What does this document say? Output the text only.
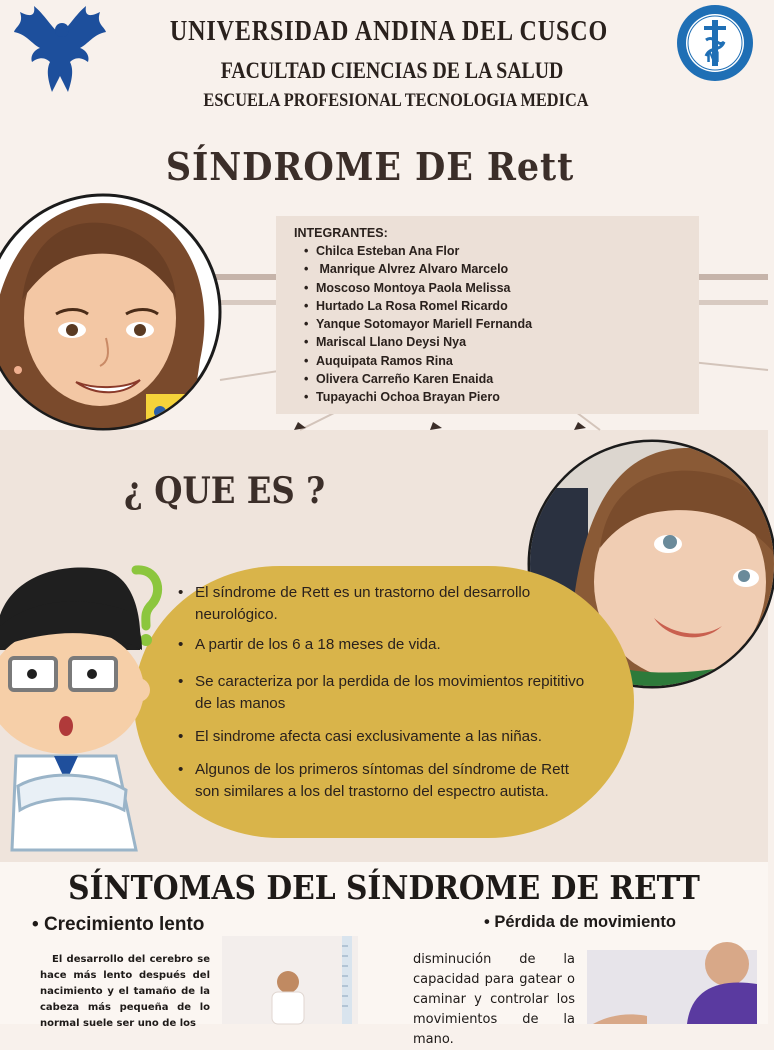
M
UNIVERSIDAD ANDINA DEL CUSCO
FACULTAD CIENCIAS DE LA SALUD
ESCUELA PROFESIONAL TECNOLOGIA MEDICA
SÍNDROME DE Rett
INTEGRANTES:
• Chilca Esteban Ana Flor
• Manrique Alvrez Alvaro Marcelo
• Moscoso Montoya Paola Melissa
• Hurtado La Rosa Romel Ricardo
• Yanque Sotomayor Mariell Fernanda
• Mariscal Llano Deysi Nya
• Auquipata Ramos Rina
• Olivera Carreño Karen Enaida
• Tupayachi Ochoa Brayan Piero
¿ QUE ES ?
• El síndrome de Rett es un trastorno del desarrollo neurológico.
• A partir de los 6 a 18 meses de vida.
• Se caracteriza por la perdida de los movimientos repititivo de las manos
• El sindrome afecta casi exclusivamente a las niñas.
• Algunos de los primeros síntomas del síndrome de Rett son similares a los del trastorno del espectro autista.
SÍNTOMAS DEL SÍNDROME DE RETT
• Crecimiento lento
•	Pérdida de movimiento
El desarrollo del cerebro se hace más lento después del nacimiento y el tamaño de la cabeza más pequeña de lo normal suele ser uno de los
disminución de la capacidad para gatear o caminar y controlar los movimientos de la mano.
